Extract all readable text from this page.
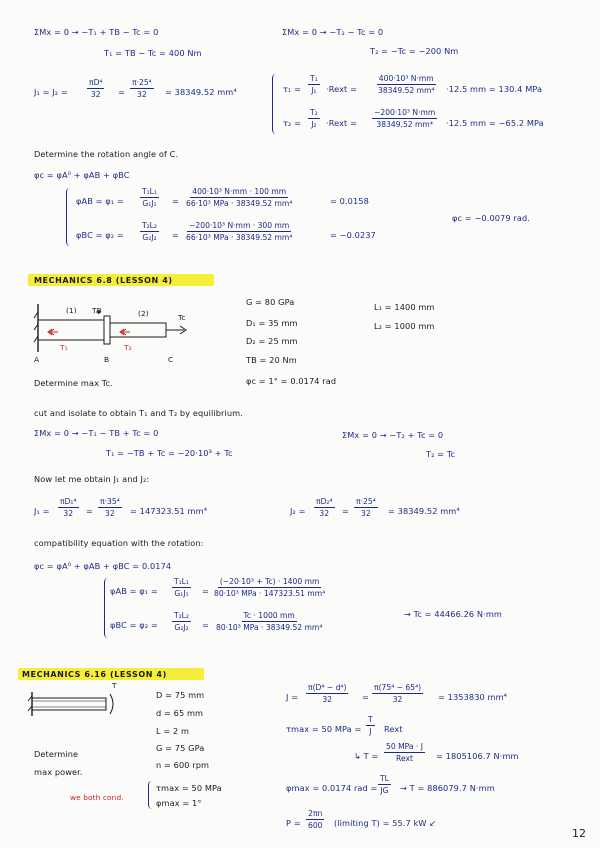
ΣMx = 0 → −T₁ + TB − Tc = 0
T₁ = TB − Tc = 400 Nm
ΣMx = 0 → −T₂ − Tc = 0
T₂ = −Tc = −200 Nm
J₁ = J₂ =	$\frac{\text{πD⁴}}{32} = \frac{\text{π·25⁴}}{32} = 38349.52$ mm⁴	$\tau_1 = \frac{\text{T₁}}{\text{J₁}}$ ·Rext = $\frac{\text{400·10³ N·mm}}{\text{38349.52 mm⁴}} \cdot 12.5$ mm = 130.4 MPa
$\tau_2 = \frac{\text{T₂}}{\text{J₂}}$ ·Rext = $\frac{\text{−200·10³ N·mm}}{\text{38349.52 mm⁴}} \cdot 12.5$ mm = −65.2 MPa
Determine the rotation angle of C.
φc = φA⁰ + φAB + φBC
$\varphi AB = \varphi_1 = \frac{\text{T₁L₁}}{\text{G₁J₁}}$ =
400·10³ N·mm · 100 mm
66·10³ MPa · 38349.52 mm⁴	= 0.0158
$\varphi BC = \varphi_2 = \frac{\text{T₂L₂}}{\text{G₂J₂}}$ =
−200·10³ N·mm · 300 mm
66·10³ MPa · 38349.52 mm⁴	= −0.0237
φc = −0.0079 rad.
MECHANICS 6.8 (LESSON 4)
(1) TB	(2)	Tc
T₁	T₂
A	B	C
G = 80 GPa
D₁ = 35 mm
D₂ = 25 mm
TB = 20 Nm
φc = 1° = 0.0174 rad
L₁ = 1400 mm
L₂ = 1000 mm
Determine max Tc.
cut and isolate to obtain T₁ and T₂ by equilibrium.
ΣMx = 0 → −T₁ − TB + Tc = 0
T₁ = −TB + Tc = −20·10³ + Tc
ΣMx = 0 → −T₂ + Tc = 0
T₂ = Tc
Now let me obtain J₁ and J₂:
$J_1 = \frac{\text{πD₁⁴}}{32} = \frac{\text{π·35⁴}}{32} = 147323.51$ mm⁴	$J_2 = \frac{\text{πD₂⁴}}{32} = \frac{\text{π·25⁴}}{32} = 38349.52$ mm⁴
compatibility equation with the rotation:
φc = φA⁰ + φAB + φBC = 0.0174
$\varphi AB = \varphi_1 = \frac{\text{T₁L₁}}{\text{G₁J₁}}$ =
(−20·10³ + Tc) · 1400 mm
80·10³ MPa · 147323.51 mm⁴
$\varphi BC = \varphi_2 = \frac{\text{T₂L₂}}{\text{G₂J₂}}$ =
Tc · 1000 mm
80·10³ MPa · 38349.52 mm⁴
→ Tc = 44466.26 N·mm
MECHANICS 6.16 (LESSON 4)
T
D = 75 mm
d = 65 mm
L = 2 m
G = 75 GPa
n = 600 rpm
Determine
max power.
we both cond.
τmax = 50 MPa
φmax = 1°
$J = \frac{\text{π(D⁴ − d⁴)}}{32} = \frac{\text{π(75⁴ − 65⁴)}}{32} = 1353830$ mm⁴
τmax = 50 MPa = $\frac{T}{J}$ Rext
↳ T =
50 MPa · J
Rext	= 1805106.7 N·mm
φmax = 0.0174 rad = $\frac{TL}{JG} \to T = 886079.7$ N·mm
$P = \frac{2\pi n}{600}$ (limiting T) = 55.7 kW ↙
12
